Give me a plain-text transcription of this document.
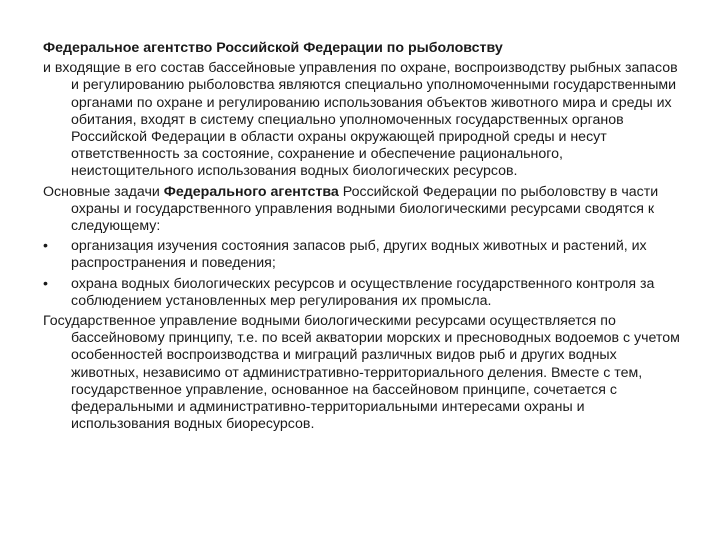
Федеральное агентство Российской Федерации по рыболовству
и входящие в его состав бассейновые управления по охране, воспроизводству рыбных запасов и регулированию рыболовства являются специально уполномоченными государственными органами по охране и регулированию использования объектов животного мира и среды их обитания, входят в систему специально уполномоченных государственных органов Российской Федерации в области охраны окружающей природной среды и несут ответственность за состояние, сохранение и обеспечение рационального, неистощительного использования водных биологических ресурсов.
Основные задачи Федерального агентства Российской Федерации по рыболовству в части охраны и государственного управления водными биологическими ресурсами сводятся к следующему:
•	организация изучения состояния запасов рыб, других водных животных и растений, их распространения и поведения;
•	охрана водных биологических ресурсов и осуществление государственного контроля за соблюдением установленных мер регулирования их промысла.
Государственное управление водными биологическими ресурсами осуществляется по бассейновому принципу, т.е. по всей акватории морских и пресноводных водоемов с учетом особенностей воспроизводства и миграций различных видов рыб и других водных животных, независимо от административно-территориального деления. Вместе с тем, государственное управление, основанное на бассейновом принципе, сочетается с федеральными и административно-территориальными интересами охраны и использования водных биоресурсов.
